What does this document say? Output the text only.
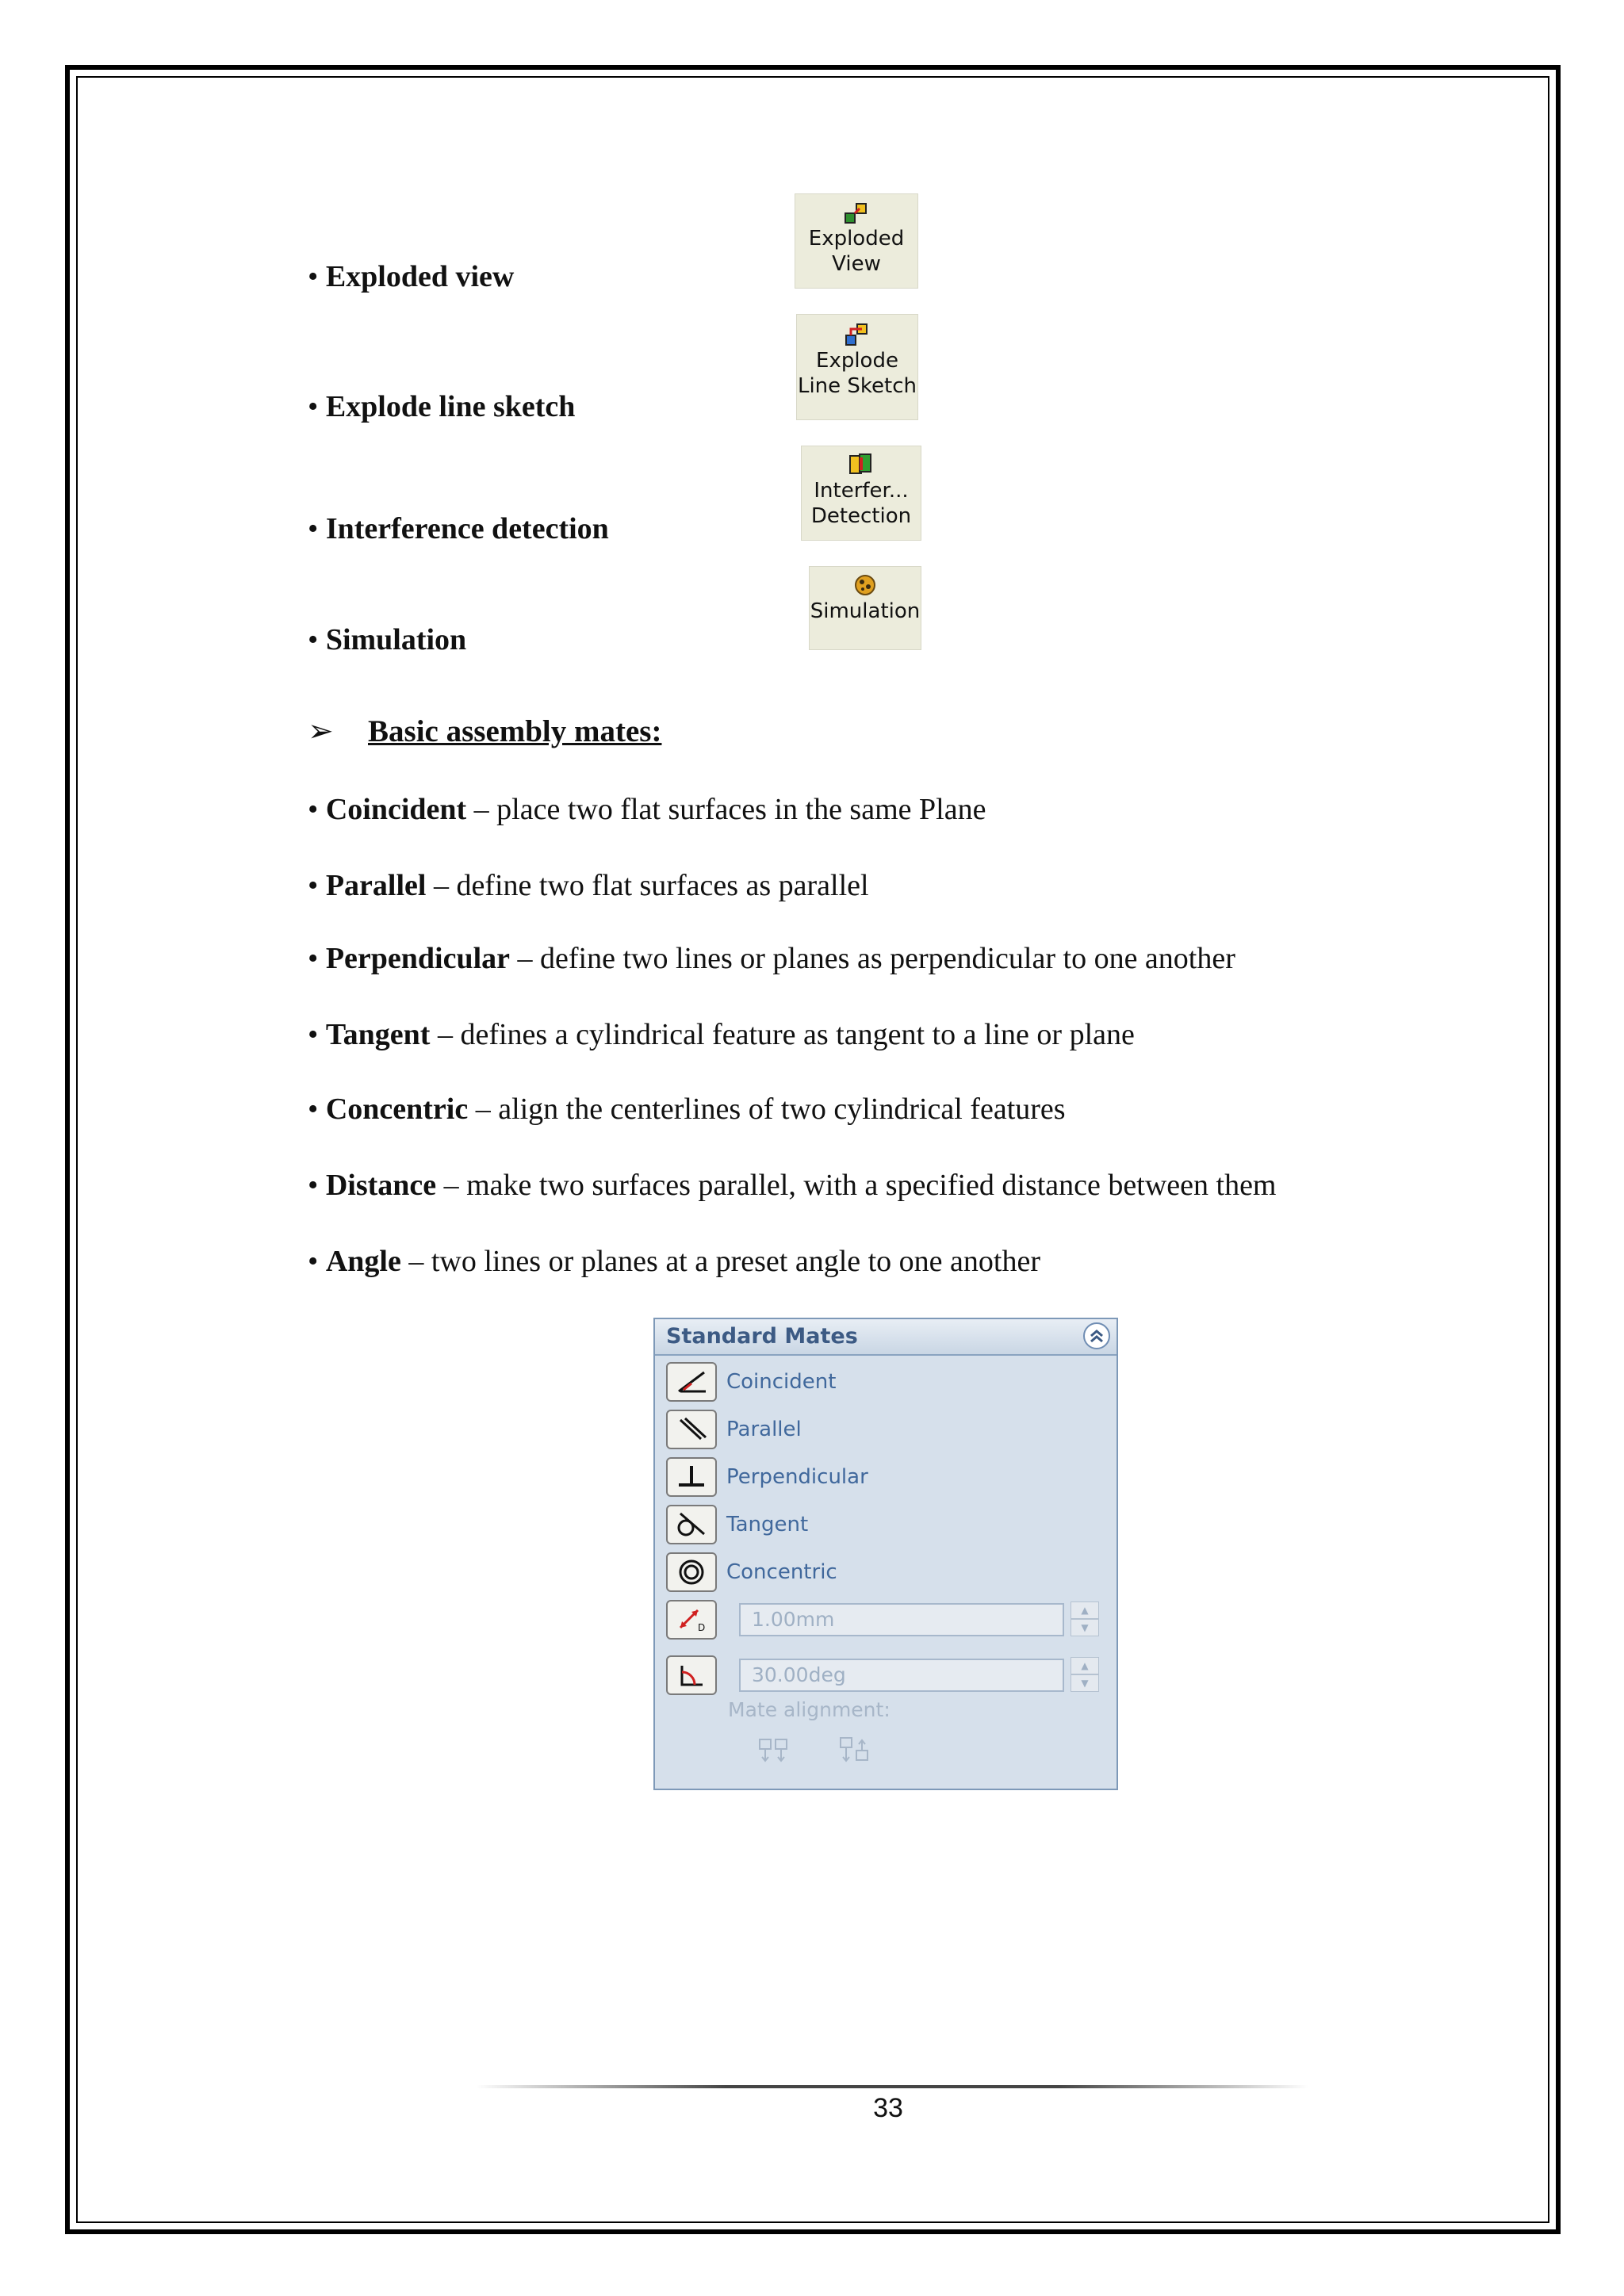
• Exploded view
• Explode line sketch
• Interference detection
• Simulation
Exploded
View
Explode
Line Sketch
Interfer...
Detection
Simulation
➢ Basic assembly mates:
• Coincident – place two flat surfaces in the same Plane
• Parallel – define two flat surfaces as parallel
• Perpendicular – define two lines or planes as perpendicular to one another
• Tangent – defines a cylindrical feature as tangent to a line or plane
• Concentric – align the centerlines of two cylindrical features
• Distance – make two surfaces parallel, with a specified distance between them
• Angle – two lines or planes at a preset angle to one another
Standard Mates
Coincident
Parallel
Perpendicular
Tangent
Concentric
D	1.00mm	▲
▼
30.00deg	▲
▼
Mate alignment:
33
